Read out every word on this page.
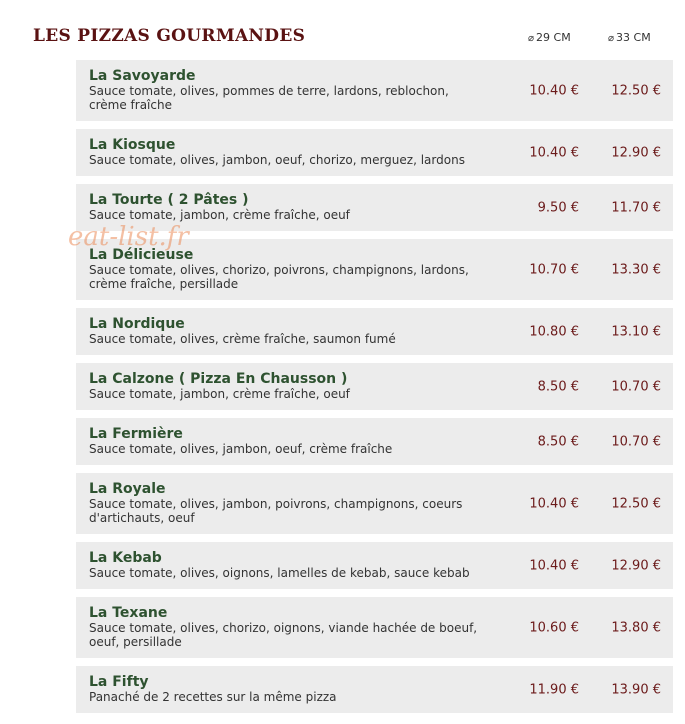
LES PIZZAS GOURMANDES	⌀ 29 CM	⌀ 33 CM
eat-list.fr
La Savoyarde
Sauce tomate, olives, pommes de terre, lardons, reblochon, crème fraîche
10.40 € 12.50 €
La Kiosque
Sauce tomate, olives, jambon, oeuf, chorizo, merguez, lardons	10.40 € 12.90 €
La Tourte ( 2 Pâtes )
Sauce tomate, jambon, crème fraîche, oeuf	9.50 € 11.70 €
La Délicieuse
Sauce tomate, olives, chorizo, poivrons, champignons, lardons, crème fraîche, persillade
10.70 € 13.30 €
La Nordique
Sauce tomate, olives, crème fraîche, saumon fumé	10.80 € 13.10 €
La Calzone ( Pizza En Chausson )
Sauce tomate, jambon, crème fraîche, oeuf	8.50 € 10.70 €
La Fermière
Sauce tomate, olives, jambon, oeuf, crème fraîche	8.50 € 10.70 €
La Royale
Sauce tomate, olives, jambon, poivrons, champignons, coeurs d'artichauts, oeuf
10.40 € 12.50 €
La Kebab
Sauce tomate, olives, oignons, lamelles de kebab, sauce kebab	10.40 € 12.90 €
La Texane
Sauce tomate, olives, chorizo, oignons, viande hachée de boeuf, oeuf, persillade
10.60 € 13.80 €
La Fifty
Panaché de 2 recettes sur la même pizza	11.90 € 13.90 €
